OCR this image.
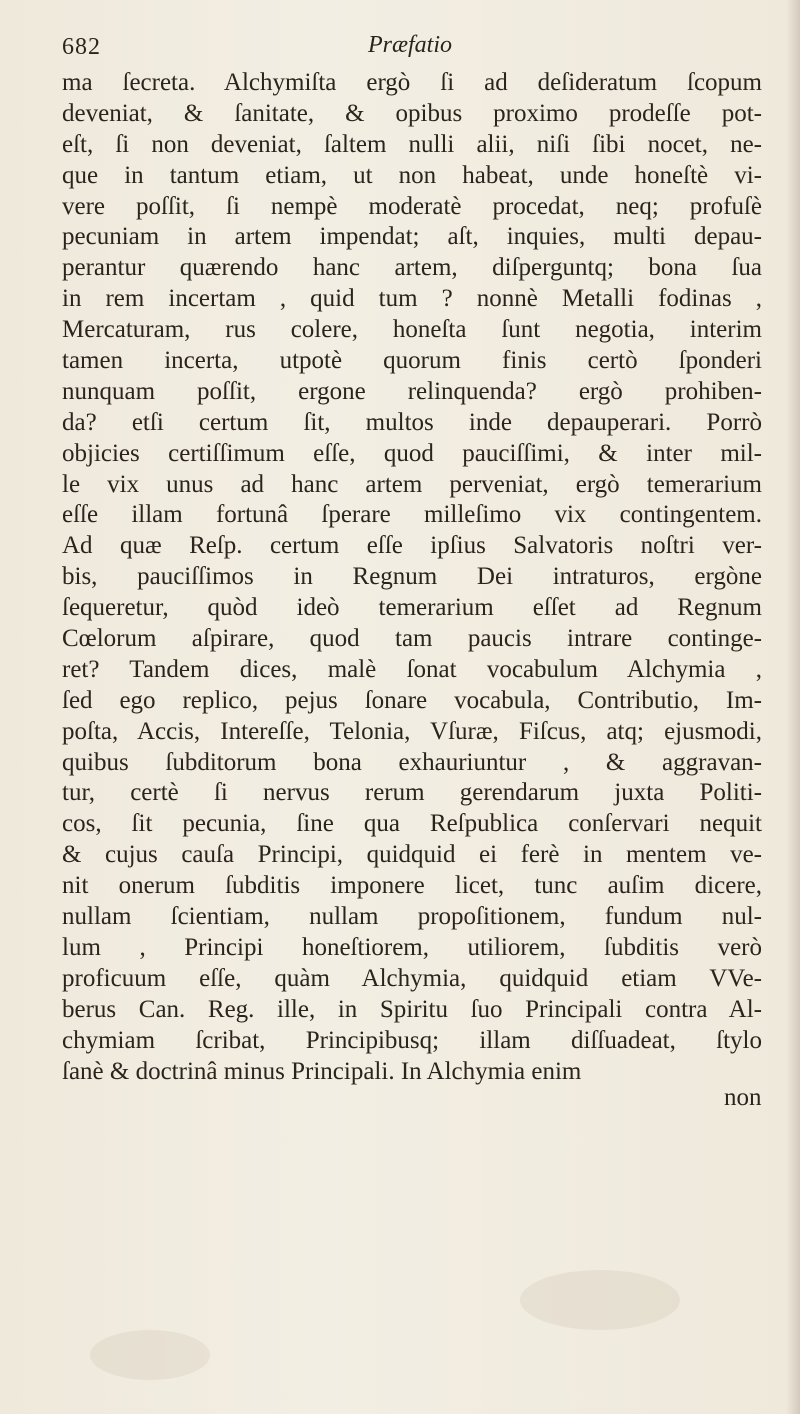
682	Præfatio
ma ſecreta. Alchymiſta ergò ſi ad deſideratum ſcopum
deveniat, & ſanitate, & opibus proximo prodeſſe pot-
eſt, ſi non deveniat, ſaltem nulli alii, niſi ſibi nocet, ne-
que in tantum etiam, ut non habeat, unde honeſtè vi-
vere poſſit, ſi nempè moderatè procedat, neq; profuſè
pecuniam in artem impendat; aſt, inquies, multi depau-
perantur quærendo hanc artem, diſperguntq; bona ſua
in rem incertam , quid tum ? nonnè Metalli fodinas ,
Mercaturam, rus colere, honeſta ſunt negotia, interim
tamen incerta, utpotè quorum finis certò ſponderi
nunquam poſſit, ergone relinquenda? ergò prohiben-
da? etſi certum ſit, multos inde depauperari. Porrò
objicies certiſſimum eſſe, quod pauciſſimi, & inter mil-
le vix unus ad hanc artem perveniat, ergò temerarium
eſſe illam fortunâ ſperare milleſimo vix contingentem.
Ad quæ Reſp. certum eſſe ipſius Salvatoris noſtri ver-
bis, pauciſſimos in Regnum Dei intraturos, ergòne
ſequeretur, quòd ideò temerarium eſſet ad Regnum
Cœlorum aſpirare, quod tam paucis intrare continge-
ret? Tandem dices, malè ſonat vocabulum Alchymia ,
ſed ego replico, pejus ſonare vocabula, Contributio, Im-
poſta, Accis, Intereſſe, Telonia, Vſuræ, Fiſcus, atq; ejusmodi,
quibus ſubditorum bona exhauriuntur , & aggravan-
tur, certè ſi nervus rerum gerendarum juxta Politi-
cos, ſit pecunia, ſine qua Reſpublica conſervari nequit
& cujus cauſa Principi, quidquid ei ferè in mentem ve-
nit onerum ſubditis imponere licet, tunc auſim dicere,
nullam ſcientiam, nullam propoſitionem, fundum nul-
lum , Principi honeſtiorem, utiliorem, ſubditis verò
proficuum eſſe, quàm Alchymia, quidquid etiam VVe-
berus Can. Reg. ille, in Spiritu ſuo Principali contra Al-
chymiam ſcribat, Principibusq; illam diſſuadeat, ſtylo
ſanè & doctrinâ minus Principali. In Alchymia enim
non
